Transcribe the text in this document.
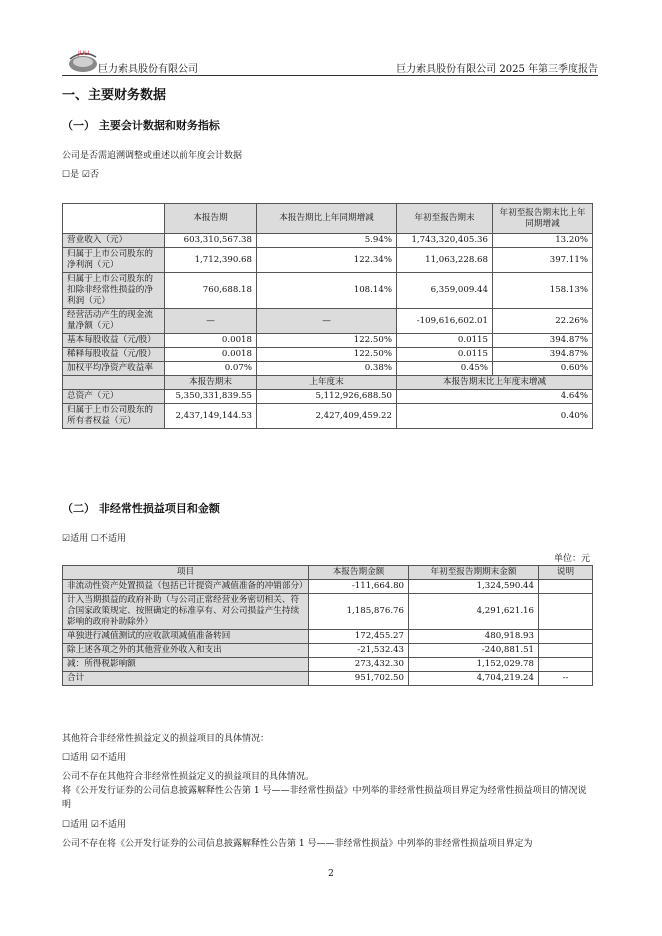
JULI
巨力索具股份有限公司	巨力索具股份有限公司 2025 年第三季度报告
一、主要财务数据
（一） 主要会计数据和财务指标
公司是否需追溯调整或重述以前年度会计数据
☐是 ☑否
	本报告期	本报告期比上年同期增减	年初至报告期末	年初至报告期末比上年同期增减
营业收入（元）	603,310,567.38	5.94%	1,743,320,405.36	13.20%
归属于上市公司股东的净利润（元）	1,712,390.68	122.34%	11,063,228.68	397.11%
归属于上市公司股东的扣除非经常性损益的净利润（元）	760,688.18	108.14%	6,359,009.44	158.13%
经营活动产生的现金流量净额（元）	—	—	-109,616,602.01	22.26%
基本每股收益（元/股）	0.0018	122.50%	0.0115	394.87%
稀释每股收益（元/股）	0.0018	122.50%	0.0115	394.87%
加权平均净资产收益率	0.07%	0.38%	0.45%	0.60%
	本报告期末	上年度末	本报告期末比上年度末增减	
总资产（元）	5,350,331,839.55	5,112,926,688.50	4.64%	
归属于上市公司股东的所有者权益（元）	2,437,149,144.53	2,427,409,459.22	0.40%	
（二） 非经常性损益项目和金额
☑适用 ☐不适用
单位：元
项目	本报告期金额	年初至报告期期末金额	说明
非流动性资产处置损益（包括已计提资产减值准备的冲销部分）	-111,664.80	1,324,590.44	
计入当期损益的政府补助（与公司正常经营业务密切相关、符合国家政策规定、按照确定的标准享有、对公司损益产生持续影响的政府补助除外）	1,185,876.76	4,291,621.16	
单独进行减值测试的应收款项减值准备转回	172,455.27	480,918.93	
除上述各项之外的其他营业外收入和支出	-21,532.43	-240,881.51	
减：所得税影响额	273,432.30	1,152,029.78	
合计	951,702.50	4,704,219.24	--
其他符合非经常性损益定义的损益项目的具体情况：
☐适用 ☑不适用
公司不存在其他符合非经常性损益定义的损益项目的具体情况。
将《公开发行证券的公司信息披露解释性公告第 1 号——非经常性损益》中列举的非经常性损益项目界定为经常性损益项目的情况说明
☐适用 ☑不适用
公司不存在将《公开发行证券的公司信息披露解释性公告第 1 号——非经常性损益》中列举的非经常性损益项目界定为
2
